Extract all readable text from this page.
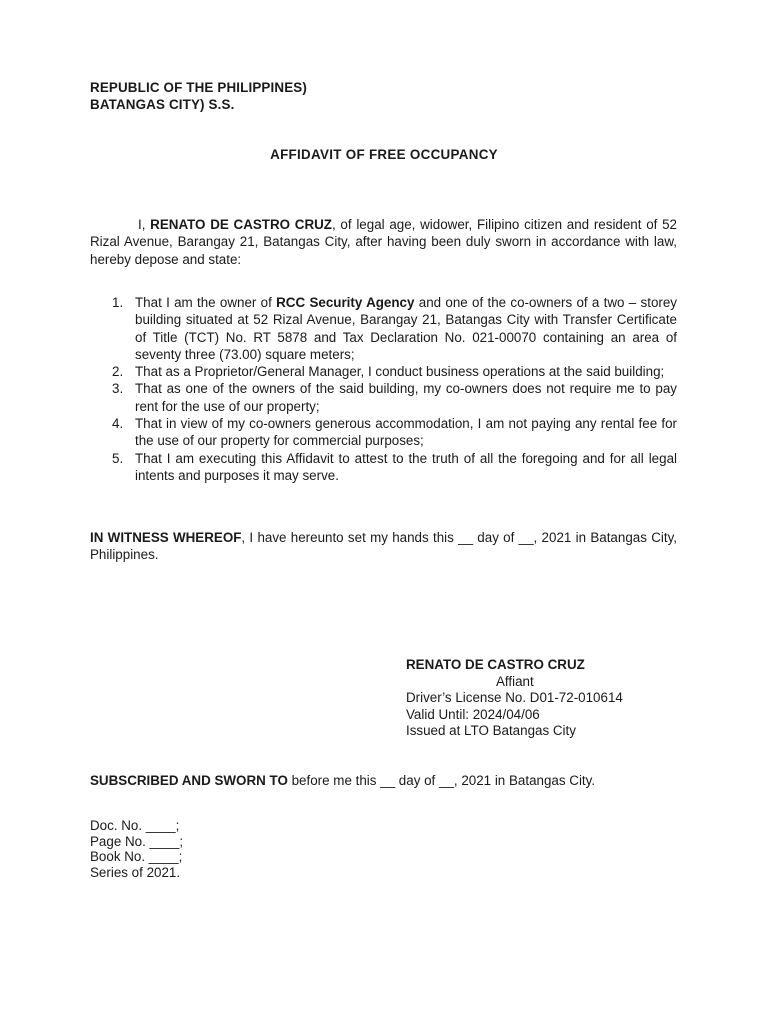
REPUBLIC OF THE PHILIPPINES)
BATANGAS CITY) S.S.
AFFIDAVIT OF FREE OCCUPANCY

I, RENATO DE CASTRO CRUZ, of legal age, widower, Filipino citizen and resident of 52 Rizal Avenue, Barangay 21, Batangas City, after having been duly sworn in accordance with law, hereby depose and state:

1. That I am the owner of RCC Security Agency and one of the co-owners of a two – storey building situated at 52 Rizal Avenue, Barangay 21, Batangas City with Transfer Certificate of Title (TCT) No. RT 5878 and Tax Declaration No. 021-00070 containing an area of seventy three (73.00) square meters;
2. That as a Proprietor/General Manager, I conduct business operations at the said building;
3. That as one of the owners of the said building, my co-owners does not require me to pay rent for the use of our property;
4. That in view of my co-owners generous accommodation, I am not paying any rental fee for the use of our property for commercial purposes;
5. That I am executing this Affidavit to attest to the truth of all the foregoing and for all legal intents and purposes it may serve.

IN WITNESS WHEREOF, I have hereunto set my hands this __ day of __, 2021 in Batangas City, Philippines.

RENATO DE CASTRO CRUZ
Affiant
Driver’s License No. D01-72-010614
Valid Until: 2024/04/06
Issued at LTO Batangas City
SUBSCRIBED AND SWORN TO before me this __ day of __, 2021 in Batangas City.
Doc. No. ____;
Page No. ____;
Book No. ____;
Series of 2021.
